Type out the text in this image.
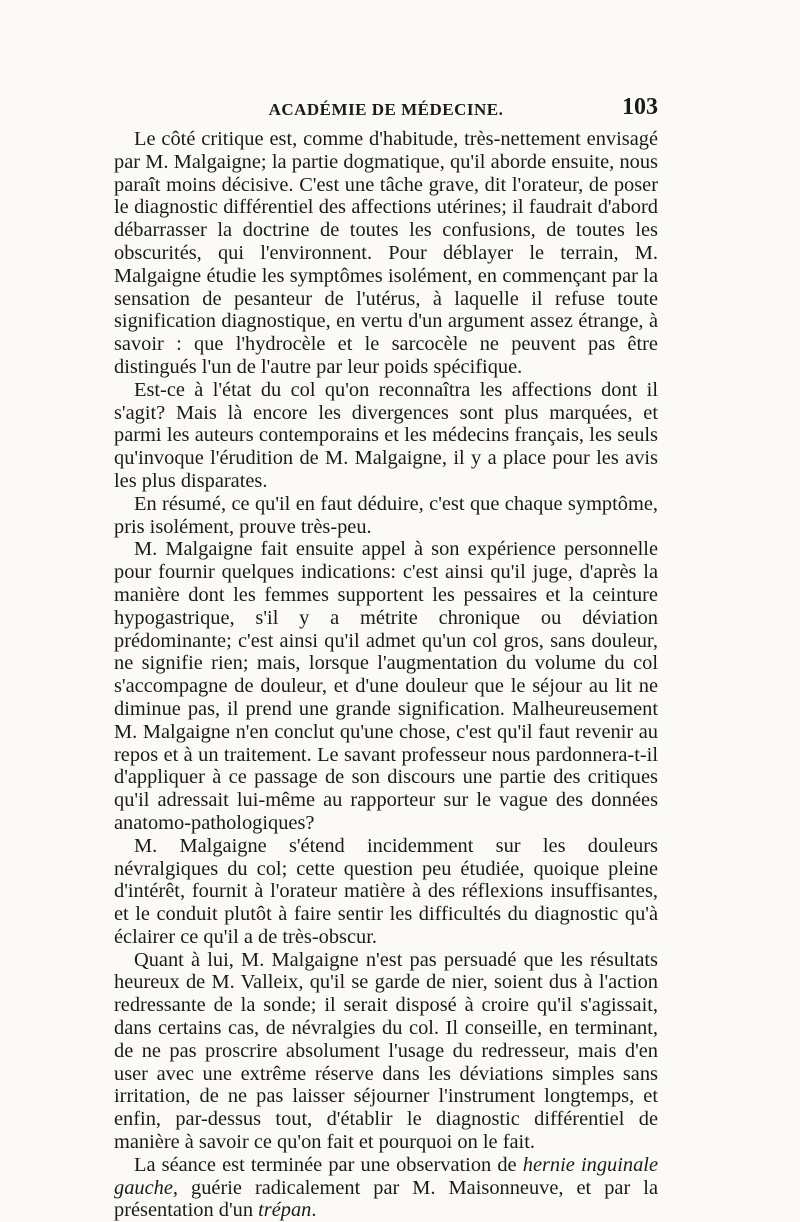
ACADÉMIE DE MÉDECINE.	103

Le côté critique est, comme d'habitude, très-nettement envisagé par M. Malgaigne; la partie dogmatique, qu'il aborde ensuite, nous paraît moins décisive. C'est une tâche grave, dit l'orateur, de poser le diagnostic différentiel des affections utérines; il faudrait d'abord débarrasser la doctrine de toutes les confusions, de toutes les obscurités, qui l'environnent. Pour déblayer le terrain, M. Malgaigne étudie les symptômes isolément, en commençant par la sensation de pesanteur de l'utérus, à laquelle il refuse toute signification diagnostique, en vertu d'un argument assez étrange, à savoir : que l'hydrocèle et le sarcocèle ne peuvent pas être distingués l'un de l'autre par leur poids spécifique.

Est-ce à l'état du col qu'on reconnaîtra les affections dont il s'agit? Mais là encore les divergences sont plus marquées, et parmi les auteurs contemporains et les médecins français, les seuls qu'invoque l'érudition de M. Malgaigne, il y a place pour les avis les plus disparates.

En résumé, ce qu'il en faut déduire, c'est que chaque symptôme, pris isolément, prouve très-peu.

M. Malgaigne fait ensuite appel à son expérience personnelle pour fournir quelques indications: c'est ainsi qu'il juge, d'après la manière dont les femmes supportent les pessaires et la ceinture hypogastrique, s'il y a métrite chronique ou déviation prédominante; c'est ainsi qu'il admet qu'un col gros, sans douleur, ne signifie rien; mais, lorsque l'augmentation du volume du col s'accompagne de douleur, et d'une douleur que le séjour au lit ne diminue pas, il prend une grande signification. Malheureusement M. Malgaigne n'en conclut qu'une chose, c'est qu'il faut revenir au repos et à un traitement. Le savant professeur nous pardonnera-t-il d'appliquer à ce passage de son discours une partie des critiques qu'il adressait lui-même au rapporteur sur le vague des données anatomo-pathologiques?

M. Malgaigne s'étend incidemment sur les douleurs névralgiques du col; cette question peu étudiée, quoique pleine d'intérêt, fournit à l'orateur matière à des réflexions insuffisantes, et le conduit plutôt à faire sentir les difficultés du diagnostic qu'à éclairer ce qu'il a de très-obscur.

Quant à lui, M. Malgaigne n'est pas persuadé que les résultats heureux de M. Valleix, qu'il se garde de nier, soient dus à l'action redressante de la sonde; il serait disposé à croire qu'il s'agissait, dans certains cas, de névralgies du col. Il conseille, en terminant, de ne pas proscrire absolument l'usage du redresseur, mais d'en user avec une extrême réserve dans les déviations simples sans irritation, de ne pas laisser séjourner l'instrument longtemps, et enfin, par-dessus tout, d'établir le diagnostic différentiel de manière à savoir ce qu'on fait et pourquoi on le fait.

La séance est terminée par une observation de hernie inguinale gauche, guérie radicalement par M. Maisonneuve, et par la présentation d'un trépan.
